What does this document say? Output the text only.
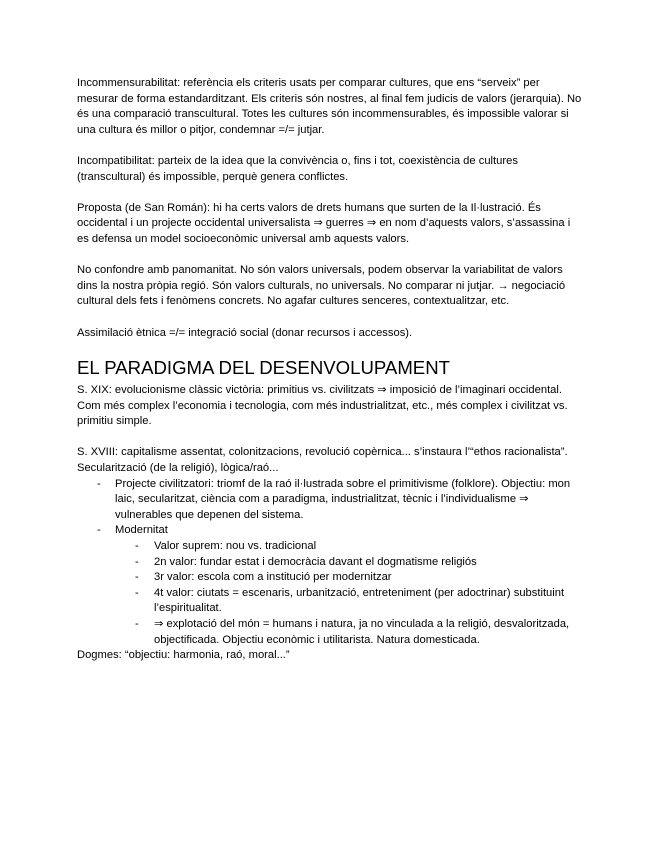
Incommensurabilitat: referència els criteris usats per comparar cultures, que ens “serveix” per mesurar de forma estandarditzant. Els criteris són nostres, al final fem judicis de valors (jerarquia). No és una comparació transcultural. Totes les cultures són incommensurables, és impossible valorar si una cultura és millor o pitjor, condemnar =/= jutjar.

Incompatibilitat: parteix de la idea que la convivència o, fins i tot, coexistència de cultures (transcultural) és impossible, perquè genera conflictes.

Proposta (de San Román): hi ha certs valors de drets humans que surten de la Il·lustració. És occidental i un projecte occidental universalista ⇒ guerres ⇒ en nom d’aquests valors, s’assassina i es defensa un model socioeconòmic universal amb aquests valors.

No confondre amb panomanitat. No són valors universals, podem observar la variabilitat de valors dins la nostra pròpia regió. Són valors culturals, no universals. No comparar ni jutjar. → negociació cultural dels fets i fenòmens concrets. No agafar cultures senceres, contextualitzar, etc.

Assimilació ètnica =/= integració social (donar recursos i accessos).

EL PARADIGMA DEL DESENVOLUPAMENT

S. XIX: evolucionisme clàssic victòria: primitius vs. civilitzats ⇒ imposició de l’imaginari occidental. Com més complex l’economia i tecnologia, com més industrialitzat, etc., més complex i civilitzat vs. primitiu simple.

S. XVIII: capitalisme assentat, colonitzacions, revolució copèrnica... s’instaura l’“ethos racionalista”. Secularització (de la religió), lògica/raó...

- Projecte civilitzatori: triomf de la raó il·lustrada sobre el primitivisme (folklore). Objectiu: mon laic, secularitzat, ciència com a paradigma, industrialitzat, tècnic i l’individualisme ⇒ vulnerables que depenen del sistema.
- Modernitat
- Valor suprem: nou vs. tradicional
- 2n valor: fundar estat i democràcia davant el dogmatisme religiós
- 3r valor: escola com a institució per modernitzar
- 4t valor: ciutats = escenaris, urbanització, entreteniment (per adoctrinar) substituint l’espiritualitat.
- ⇒ explotació del món = humans i natura, ja no vinculada a la religió, desvaloritzada, objectificada. Objectiu econòmic i utilitarista. Natura domesticada.

Dogmes: “objectiu: harmonia, raó, moral...”
